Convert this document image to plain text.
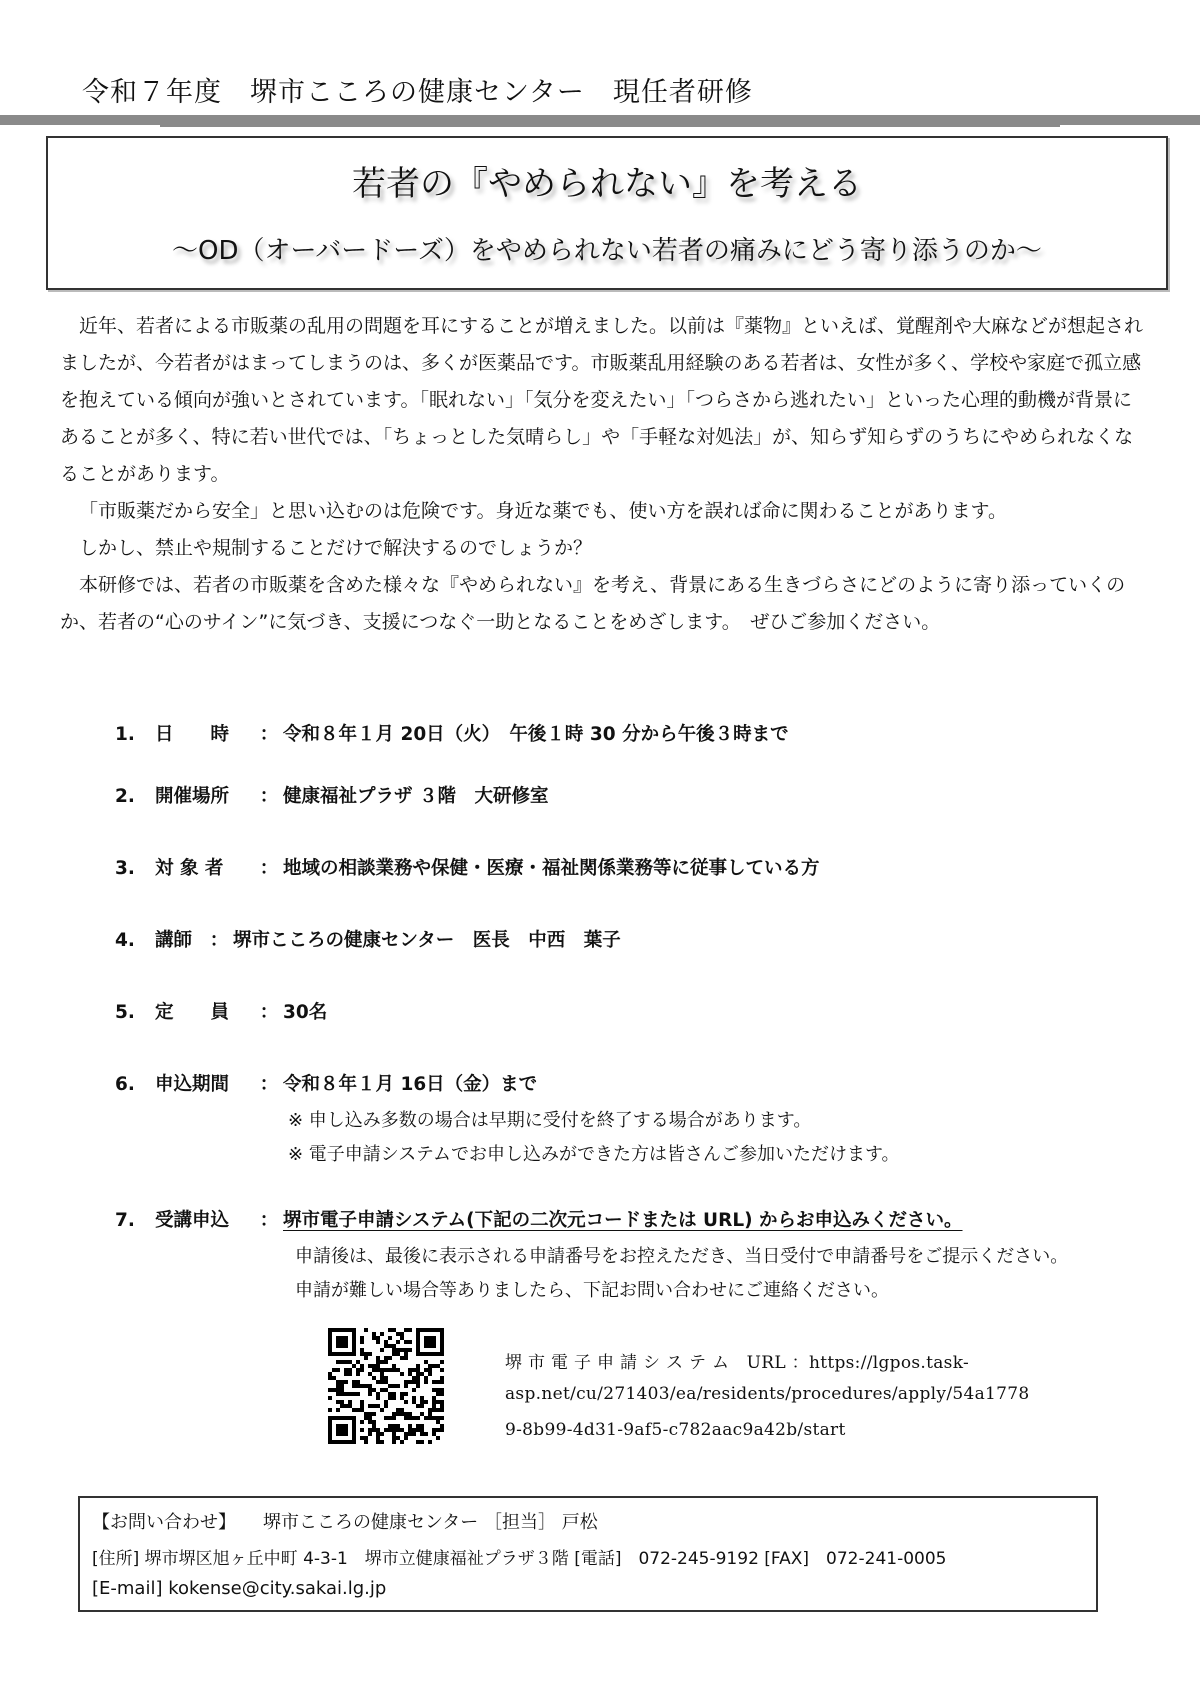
令和７年度　堺市こころの健康センター　現任者研修
若者の『やめられない』を考える
～OD（オーバードーズ）をやめられない若者の痛みにどう寄り添うのか～

近年、若者による市販薬の乱用の問題を耳にすることが増えました。以前は『薬物』といえば、覚醒剤や大麻などが想起されましたが、今若者がはまってしまうのは、多くが医薬品です。市販薬乱用経験のある若者は、女性が多く、学校や家庭で孤立感を抱えている傾向が強いとされています。「眠れない」「気分を変えたい」「つらさから逃れたい」といった心理的動機が背景にあることが多く、特に若い世代では、「ちょっとした気晴らし」や「手軽な対処法」が、知らず知らずのうちにやめられなくなることがあります。

「市販薬だから安全」と思い込むのは危険です。身近な薬でも、使い方を誤れば命に関わることがあります。

しかし、禁止や規制することだけで解決するのでしょうか？

本研修では、若者の市販薬を含めた様々な『やめられない』を考え、背景にある生きづらさにどのように寄り添っていくのか、若者の“心のサイン”に気づき、支援につなぐ一助となることをめざします。　ぜひご参加ください。

1. 日　　時 ： 令和８年１月 20日（火）　午後１時 30 分から午後３時まで
2. 開催場所 ： 健康福祉プラザ ３階　大研修室
3. 対 象 者 ： 地域の相談業務や保健・医療・福祉関係業務等に従事している方
4. 講師 ： 堺市こころの健康センター　医長　中西　葉子
5. 定　　員 ： 30名
6. 申込期間 ： 令和８年１月 16日（金）まで
※ 申し込み多数の場合は早期に受付を終了する場合があります。
※ 電子申請システムでお申し込みができた方は皆さんご参加いただけます。
7. 受講申込 ： 堺市電子申請システム(下記の二次元コードまたは URL) からお申込みください。
申請後は、最後に表示される申請番号をお控えただき、当日受付で申請番号をご提示ください。
申請が難しい場合等ありましたら、下記お問い合わせにご連絡ください。
堺 市 電 子 申 請 シ ス テ ム　URL ：https://lgpos.task-
asp.net/cu/271403/ea/residents/procedures/apply/54a1778
9-8b99-4d31-9af5-c782aac9a42b/start
【お問い合わせ】　　堺市こころの健康センター ［担当］ 戸松
[住所] 堺市堺区旭ヶ丘中町 4-3-1　堺市立健康福祉プラザ３階 [電話]　072-245-9192 [FAX]　072-241-0005
[E-mail] kokense@city.sakai.lg.jp
